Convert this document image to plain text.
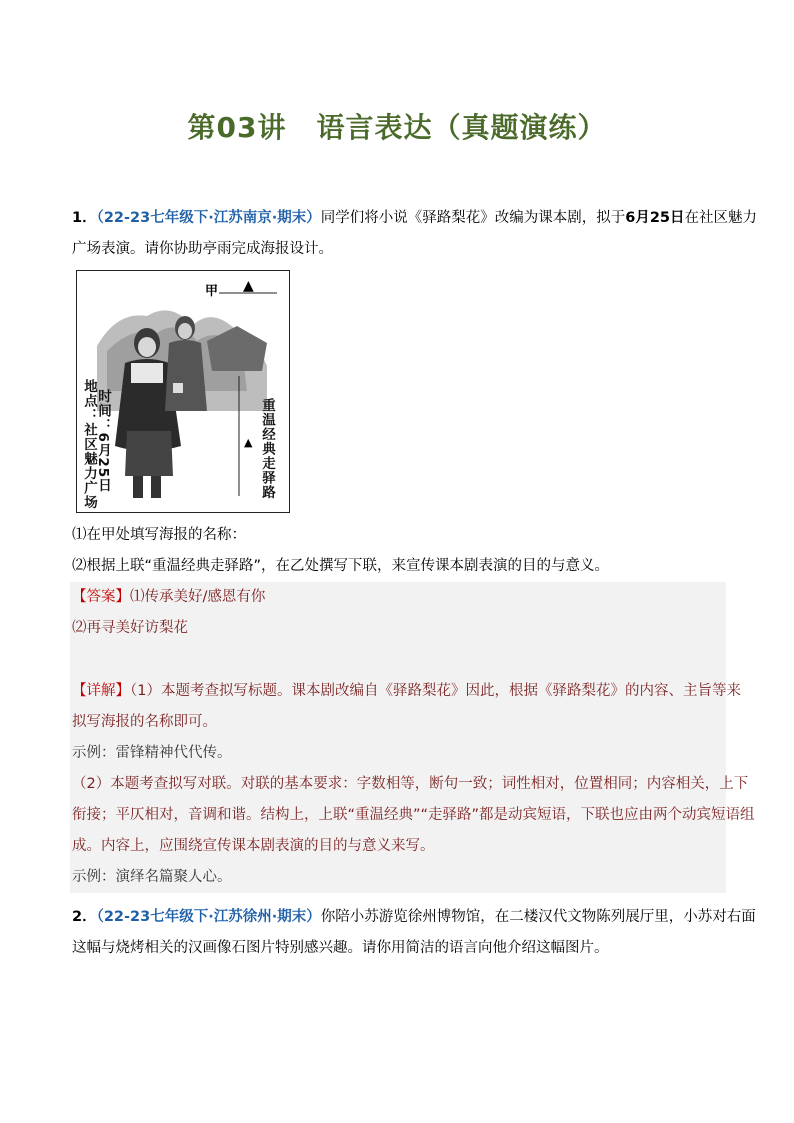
第03讲 语言表达（真题演练）
1．（22-23七年级下·江苏南京·期末）同学们将小说《驿路梨花》改编为课本剧，拟于6月25日在社区魅力
广场表演。请你协助亭雨完成海报设计。
甲 ▲
▲
时间：6月25日
地点：社区魅力广场	重温经典走驿路
⑴在甲处填写海报的名称：
⑵根据上联“重温经典走驿路”，在乙处撰写下联，来宣传课本剧表演的目的与意义。
【答案】⑴传承美好/感恩有你
⑵再寻美好访梨花
【详解】（1）本题考查拟写标题。课本剧改编自《驿路梨花》因此，根据《驿路梨花》的内容、主旨等来
拟写海报的名称即可。
示例：雷锋精神代代传。
（2）本题考查拟写对联。对联的基本要求：字数相等，断句一致；词性相对，位置相同；内容相关，上下
衔接；平仄相对，音调和谐。结构上，上联“重温经典”“走驿路”都是动宾短语，下联也应由两个动宾短语组
成。内容上，应围绕宣传课本剧表演的目的与意义来写。
示例：演绎名篇聚人心。
2．（22-23七年级下·江苏徐州·期末）你陪小苏游览徐州博物馆，在二楼汉代文物陈列展厅里，小苏对右面
这幅与烧烤相关的汉画像石图片特别感兴趣。请你用简洁的语言向他介绍这幅图片。
